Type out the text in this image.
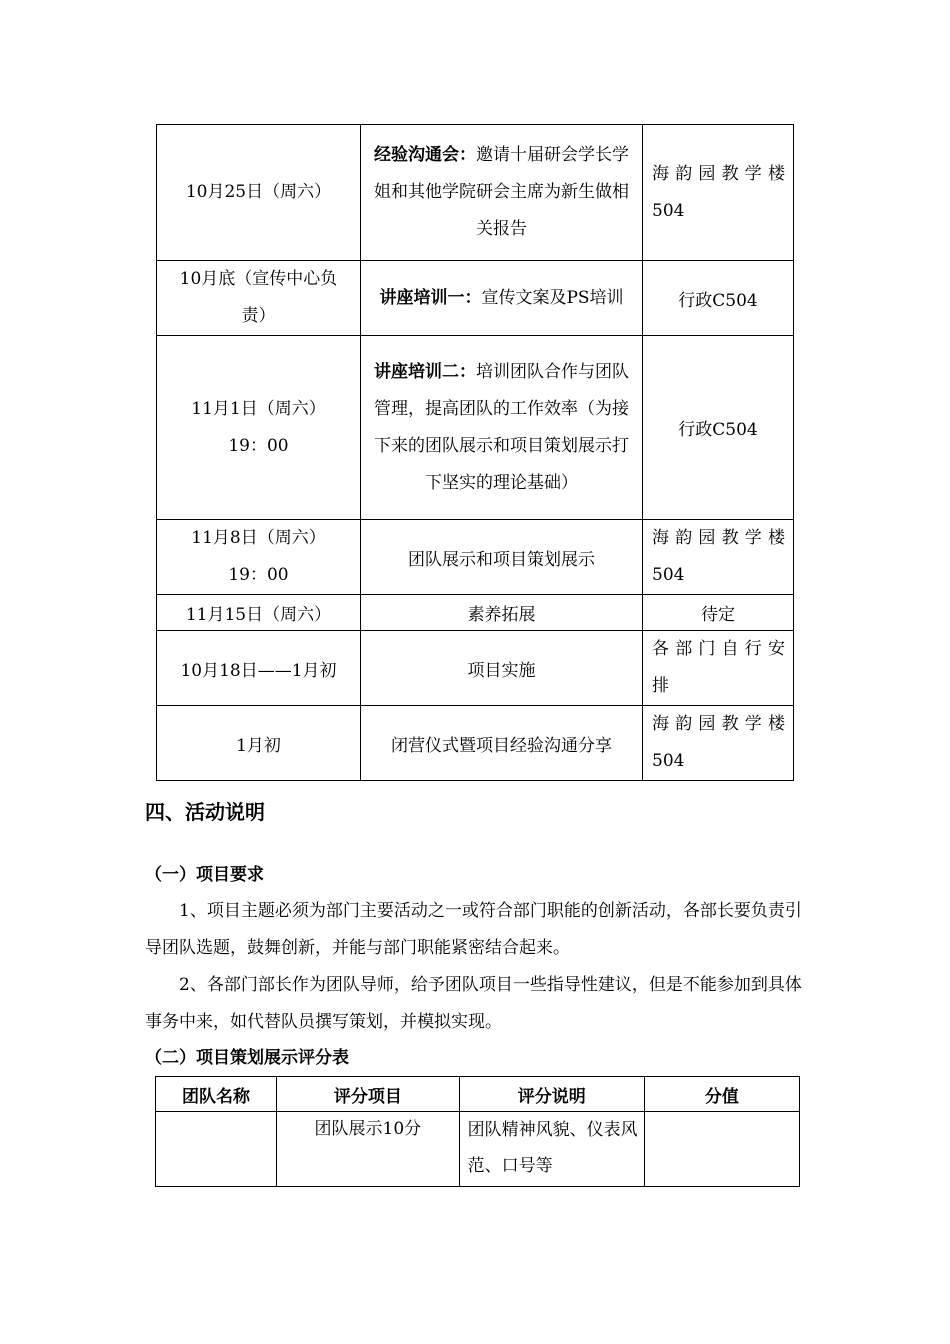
10月25日（周六）	经验沟通会：邀请十届研会学长学姐和其他学院研会主席为新生做相关报告	海韵园教学楼
504

10月底（宣传中心负
责）	讲座培训一：宣传文案及PS培训	行政C504
11月1日（周六）
19：00	讲座培训二：培训团队合作与团队管理，提高团队的工作效率（为接下来的团队展示和项目策划展示打下坚实的理论基础）	行政C504
11月8日（周六）
19：00	团队展示和项目策划展示	海韵园教学楼
504

11月15日（周六）	素养拓展	待定
10月18日——1月初	项目实施	各部门自行安
排

1月初	闭营仪式暨项目经验沟通分享	海韵园教学楼
504
四、活动说明
（一）项目要求
1、项目主题必须为部门主要活动之一或符合部门职能的创新活动，各部长要负责引导团队选题，鼓舞创新，并能与部门职能紧密结合起来。
2、各部门部长作为团队导师，给予团队项目一些指导性建议，但是不能参加到具体事务中来，如代替队员撰写策划，并模拟实现。
（二）项目策划展示评分表
团队名称	评分项目	评分说明	分值
	团队展示10分	团队精神风貌、仪表风范、口号等	
